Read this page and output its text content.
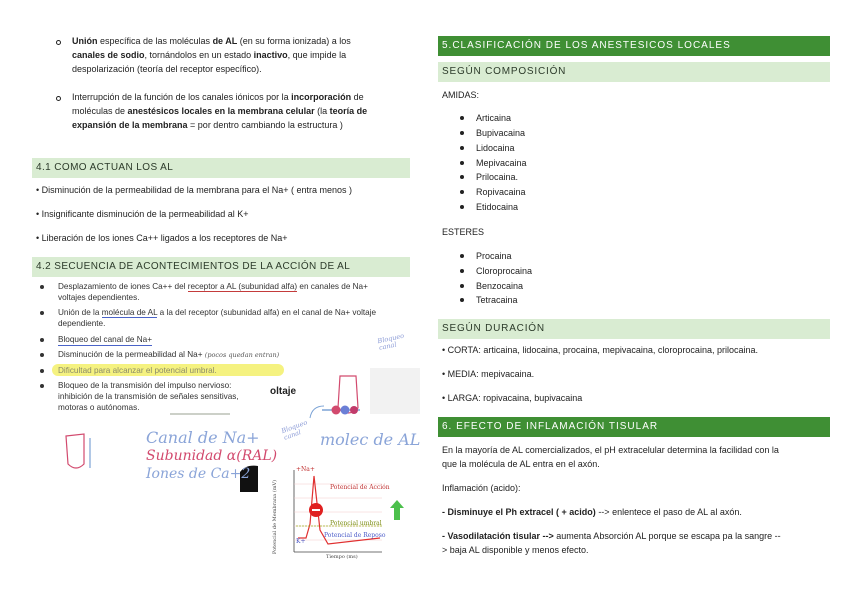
Unión específica de las moléculas de AL (en su forma ionizada) a los
canales de sodio, tornándolos en un estado inactivo, que impide la
despolarización (teoría del receptor específico).
Interrupción de la función de los canales iónicos por la incorporación de
moléculas de anestésicos locales en la membrana celular (la teoría de
expansión de la membrana = por dentro cambiando la estructura )
4.1 COMO ACTUAN LOS AL
• Disminución de la permeabilidad de la membrana para el Na+ ( entra menos )
• Insignificante disminución de la permeabilidad al K+
• Liberación de los iones Ca++ ligados a los receptores de Na+
4.2 SECUENCIA DE ACONTECIMIENTOS DE LA ACCIÓN DE AL
Desplazamiento de iones Ca++ del receptor a AL (subunidad alfa) en canales de Na+
voltajes dependientes.
Unión de la molécula de AL a la del receptor (subunidad alfa) en el canal de Na+ voltaje
dependiente.
Bloqueo del canal de Na+
Disminución de la permeabilidad al Na+ (pocos quedan entran)
Dificultad para alcanzar el potencial umbral.
Bloqueo de la transmisión del impulso nervioso:
inhibición de la transmisión de señales sensitivas,
motoras o autónomas.
Bloqueo canal
oltaje
Bloqueo canal	molec de AL
Canal de Na+
Subunidad α(RAL)
Iones de Ca+2	+Na+
Potencial de Acción
Potencial umbral
Potencial de Reposo
K+
Tiempo (ms)
Potencial de Membrana (mV)
5.CLASIFICACIÓN DE LOS ANESTESICOS LOCALES
SEGÚN COMPOSICIÓN
AMIDAS:
Articaina
Bupivacaina
Lidocaina
Mepivacaina
Prilocaina.
Ropivacaina
Etidocaina
ESTERES
Procaina
Cloroprocaina
Benzocaina
Tetracaina
SEGÚN DURACIÓN
• CORTA: articaina, lidocaina, procaina, mepivacaina, cloroprocaina, prilocaina.
• MEDIA: mepivacaina.
• LARGA: ropivacaina, bupivacaina
6. EFECTO DE INFLAMACIÓN TISULAR
En la mayoría de AL comercializados, el pH extracelular determina la facilidad con la
que la molécula de AL entra en el axón.
Inflamación (acido):
- Disminuye el Ph extracel ( + acido) --> enlentece el paso de AL al axón.
- Vasodilatación tisular --> aumenta Absorción AL porque se escapa pa la sangre --
> baja AL disponible y menos efecto.
